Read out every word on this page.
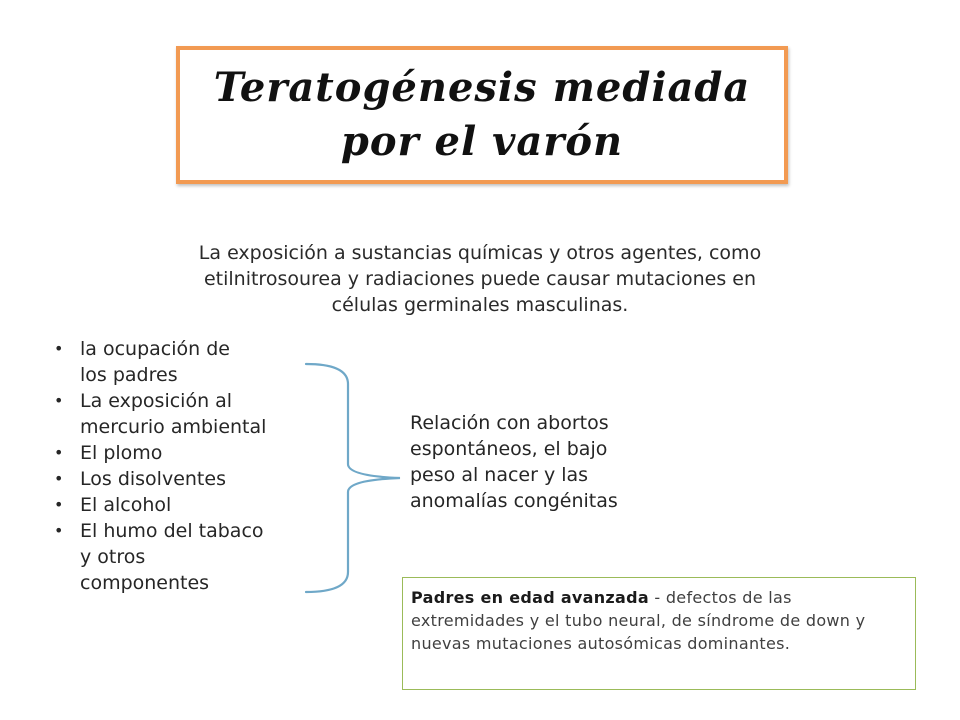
Teratogénesis mediada
por el varón
La exposición a sustancias químicas y otros agentes, como
etilnitrosourea y radiaciones puede causar mutaciones en
células germinales masculinas.
• la ocupación de
los padres
• La exposición al
mercurio ambiental
• El plomo
• Los disolventes
• El alcohol
• El humo del tabaco
y otros
componentes
Relación con abortos
espontáneos, el bajo
peso al nacer y las
anomalías congénitas
Padres en edad avanzada - defectos de las extremidades y el tubo neural, de síndrome de down y nuevas mutaciones autosómicas dominantes.
